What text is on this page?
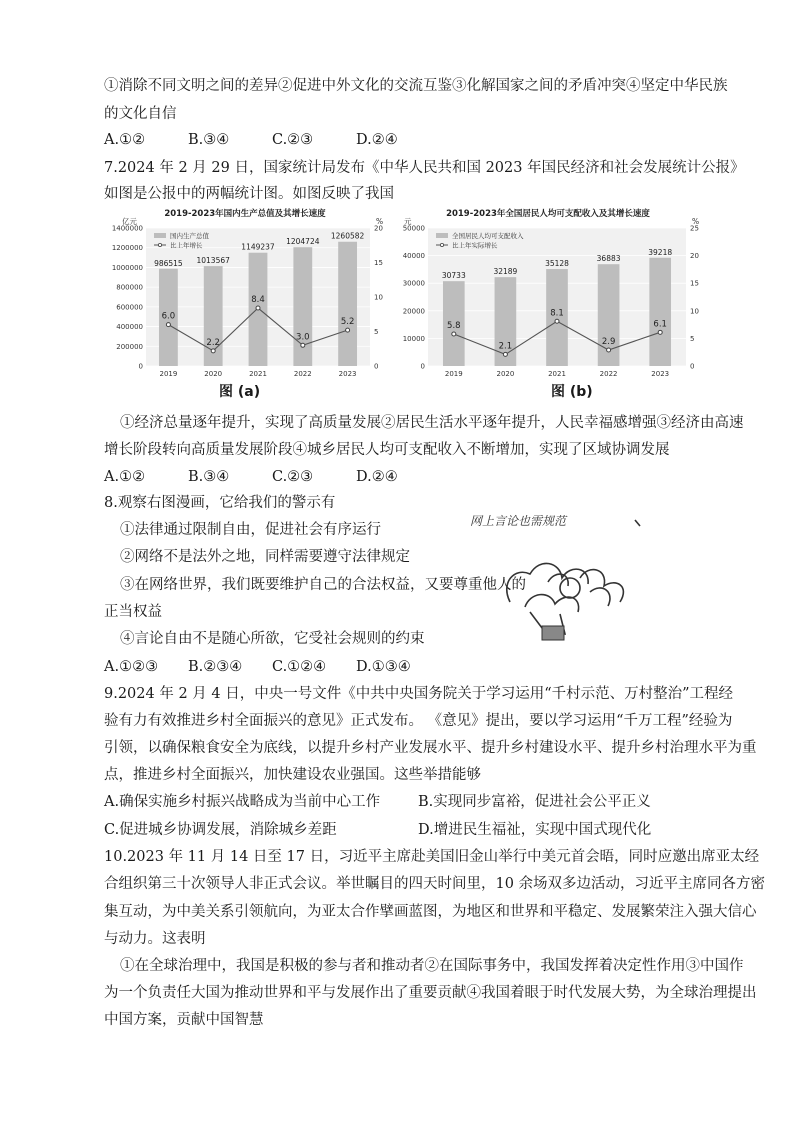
①消除不同文明之间的差异②促进中外文化的交流互鉴③化解国家之间的矛盾冲突④坚定中华民族
的文化自信
A.①②	B.③④	C.②③	D.②④
7.2024 年 2 月 29 日，国家统计局发布《中华人民共和国 2023 年国民经济和社会发展统计公报》
如图是公报中的两幅统计图。如图反映了我国
2019-2023年国内生产总值及其增长速度
亿元	%
0
200000
400000
600000
800000
1000000
1200000
1400000
0
5
10
15
20
986515
2019
1013567
2020
1149237
2021
1204724
2022
1260582
2023
6.0
2.2
8.4
3.0
5.2
国内生产总值
比上年增长
2019-2023年全国居民人均可支配收入及其增长速度
元	%
0
10000
20000
30000
40000
50000
0
5
10
15
20
25
30733
2019
32189
2020
35128
2021
36883
2022
39218
2023
5.8
2.1
8.1
2.9
6.1
全国居民人均可支配收入
比上年实际增长
图 (a)	图 (b)
①经济总量逐年提升，实现了高质量发展②居民生活水平逐年提升，人民幸福感增强③经济由高速
增长阶段转向高质量发展阶段④城乡居民人均可支配收入不断增加，实现了区域协调发展
A.①②	B.③④	C.②③	D.②④
8.观察右图漫画，它给我们的警示有
①法律通过限制自由，促进社会有序运行
②网络不是法外之地，同样需要遵守法律规定
③在网络世界，我们既要维护自己的合法权益，又要尊重他人的
正当权益
④言论自由不是随心所欲，它受社会规则的约束
A.①②③ B.②③④ C.①②④ D.①③④
网上言论也需规范
9.2024 年 2 月 4 日，中央一号文件《中共中央国务院关于学习运用“千村示范、万村整治”工程经
验有力有效推进乡村全面振兴的意见》正式发布。 《意见》提出，要以学习运用“千万工程”经验为
引领，以确保粮食安全为底线，以提升乡村产业发展水平、提升乡村建设水平、提升乡村治理水平为重
点，推进乡村全面振兴，加快建设农业强国。这些举措能够
A.确保实施乡村振兴战略成为当前中心工作	B.实现同步富裕，促进社会公平正义
C.促进城乡协调发展，消除城乡差距	D.增进民生福祉，实现中国式现代化
10.2023 年 11 月 14 日至 17 日，习近平主席赴美国旧金山举行中美元首会晤，同时应邀出席亚太经
合组织第三十次领导人非正式会议。举世瞩目的四天时间里，10 余场双多边活动，习近平主席同各方密
集互动，为中美关系引领航向，为亚太合作擘画蓝图，为地区和世界和平稳定、发展繁荣注入强大信心
与动力。这表明
①在全球治理中，我国是积极的参与者和推动者②在国际事务中，我国发挥着决定性作用③中国作
为一个负责任大国为推动世界和平与发展作出了重要贡献④我国着眼于时代发展大势，为全球治理提出
中国方案，贡献中国智慧
